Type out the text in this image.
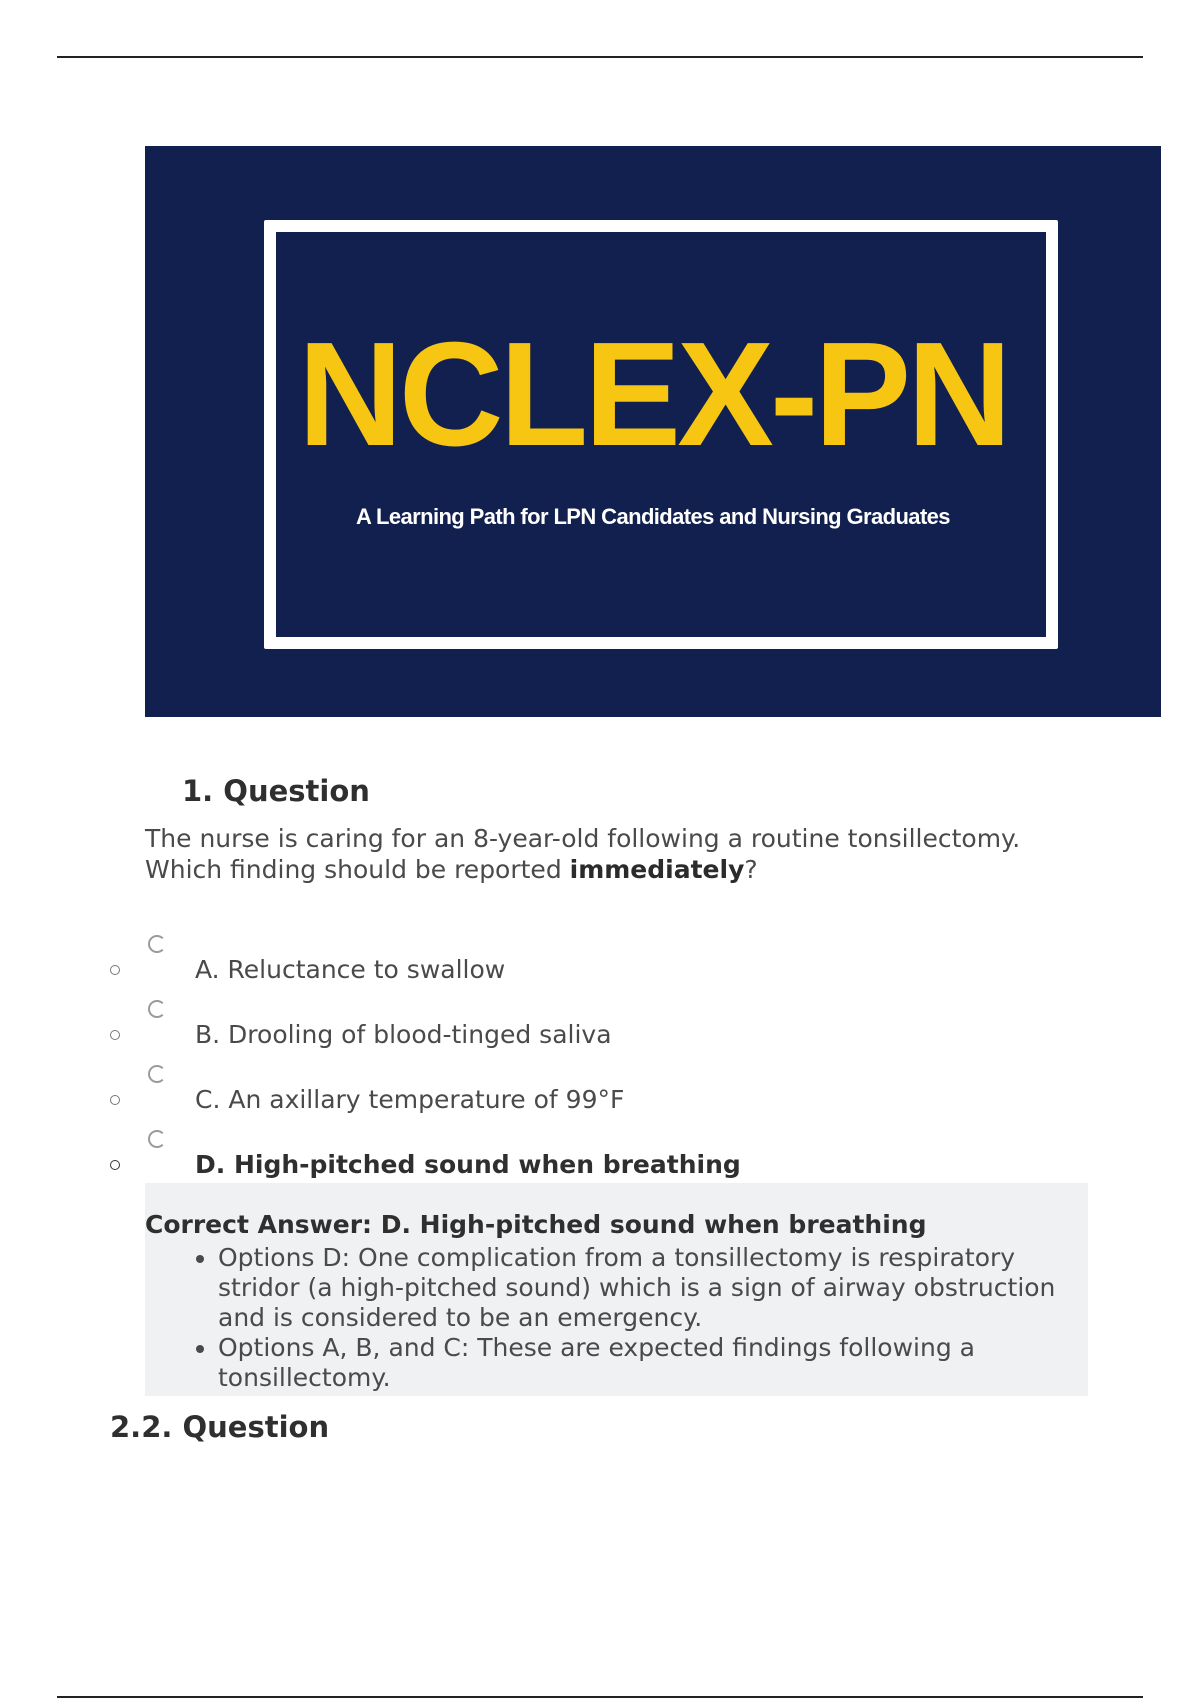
NCLEX-PN
A Learning Path for LPN Candidates and Nursing Graduates
1. Question
The nurse is caring for an 8-year-old following a routine tonsillectomy. Which finding should be reported immediately?
A. Reluctance to swallow
B. Drooling of blood-tinged saliva
C. An axillary temperature of 99°F
D. High-pitched sound when breathing
Correct Answer: D. High-pitched sound when breathing
• Options D: One complication from a tonsillectomy is respiratory stridor (a high-pitched sound) which is a sign of airway obstruction and is considered to be an emergency.
• Options A, B, and C: These are expected findings following a tonsillectomy.
2.2. Question
